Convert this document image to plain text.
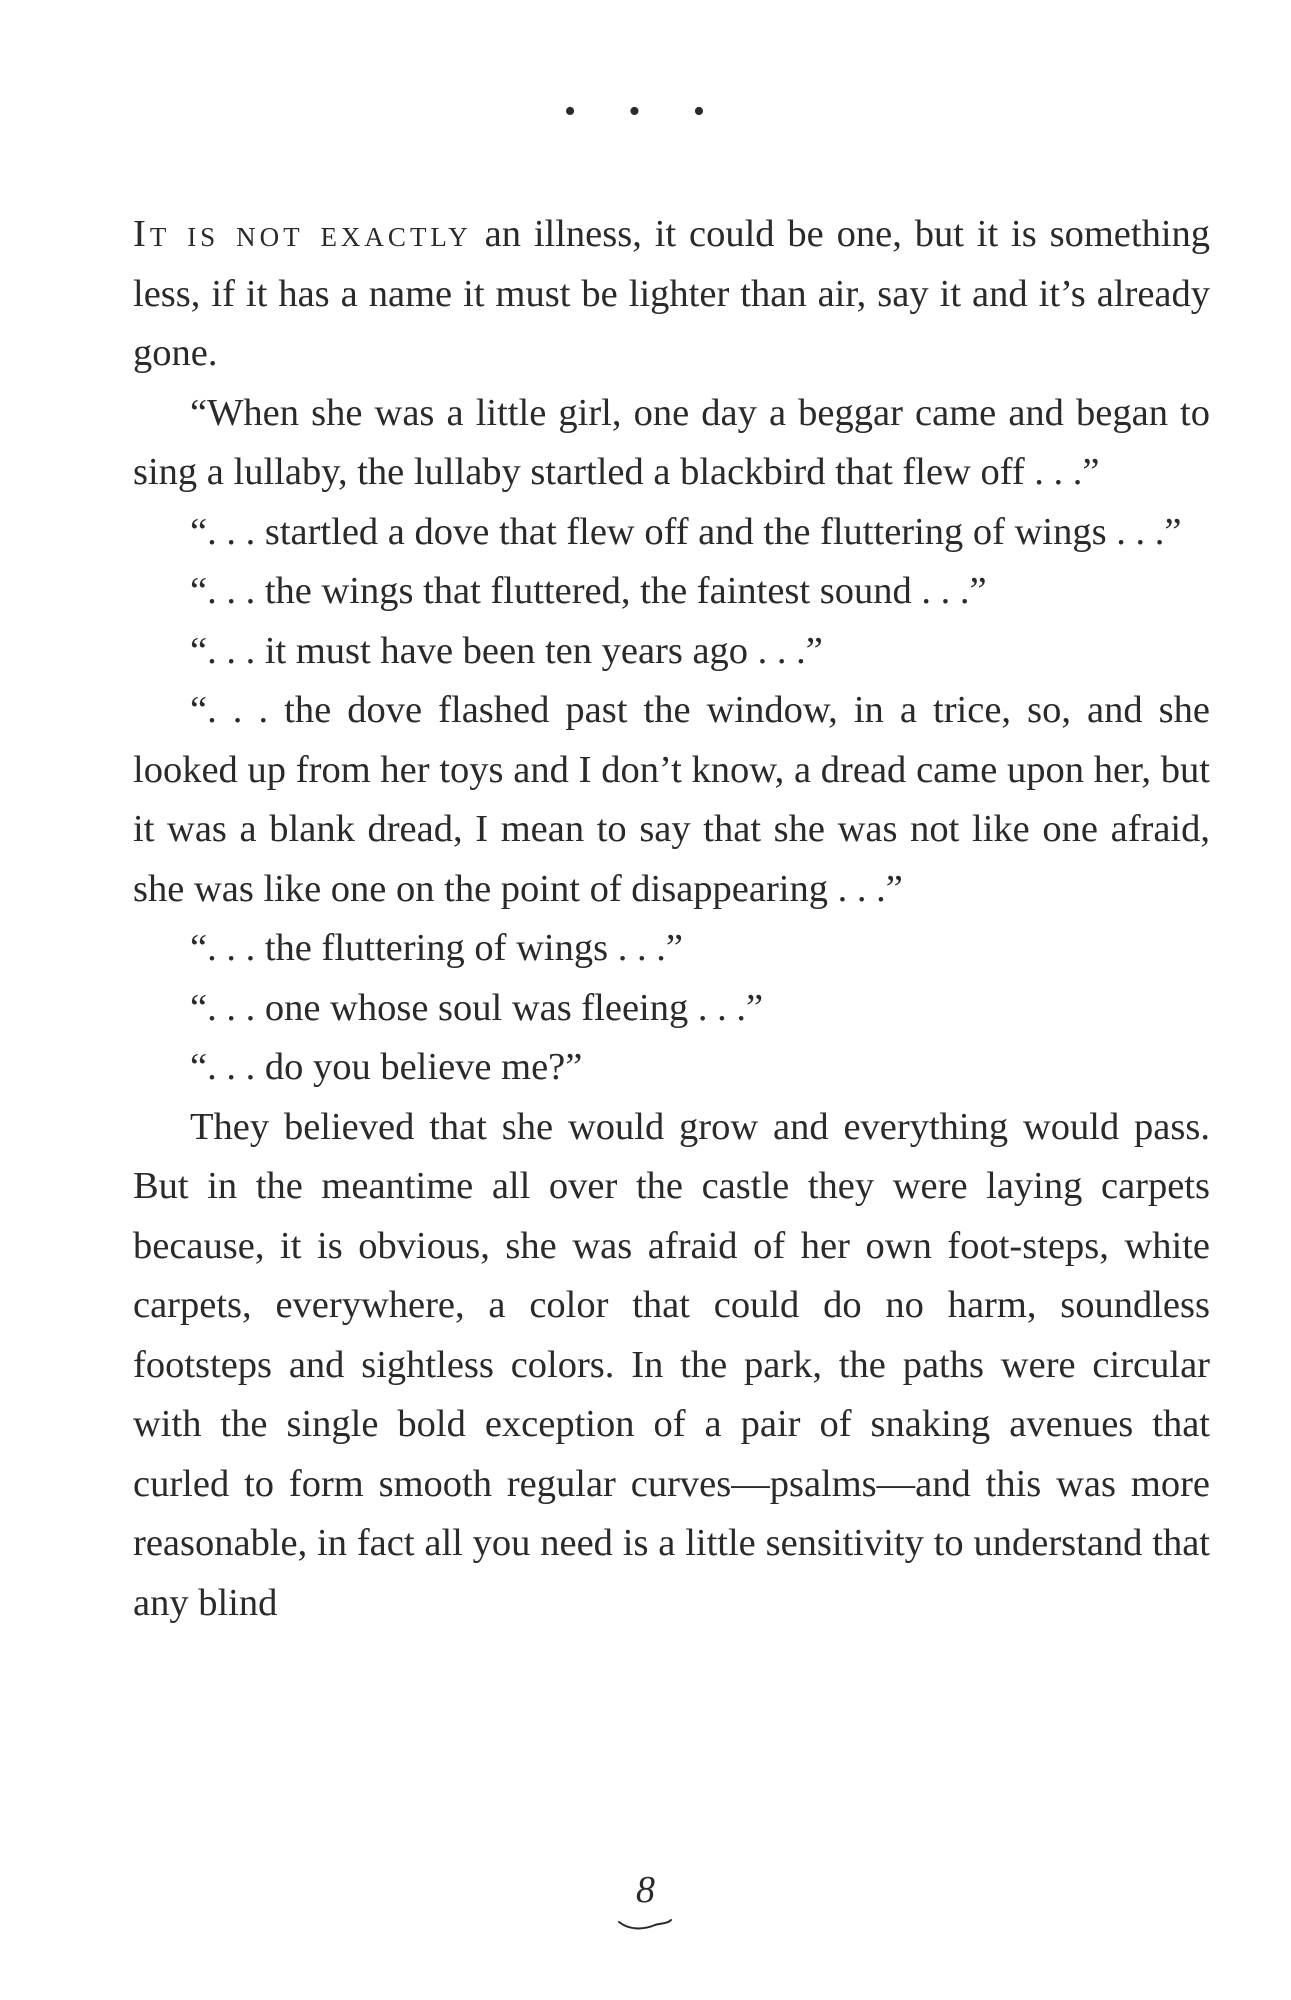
• • •

It is not exactly an illness, it could be one, but it is something less, if it has a name it must be lighter than air, say it and it’s already gone.

“When she was a little girl, one day a beggar came and began to sing a lullaby, the lullaby startled a blackbird that flew off . . .”

“. . . startled a dove that flew off and the fluttering of wings . . .”

“. . . the wings that fluttered, the faintest sound . . .”

“. . . it must have been ten years ago . . .”

“. . . the dove flashed past the window, in a trice, so, and she looked up from her toys and I don’t know, a dread came upon her, but it was a blank dread, I mean to say that she was not like one afraid, she was like one on the point of disappearing . . .”

“. . . the fluttering of wings . . .”

“. . . one whose soul was fleeing . . .”

“. . . do you believe me?”

They believed that she would grow and everything would pass. But in the meantime all over the castle they were laying carpets because, it is obvious, she was afraid of her own foot-steps, white carpets, everywhere, a color that could do no harm, soundless footsteps and sightless colors. In the park, the paths were circular with the single bold exception of a pair of snaking avenues that curled to form smooth regular curves—psalms—and this was more reasonable, in fact all you need is a little sensitivity to understand that any blind

8
